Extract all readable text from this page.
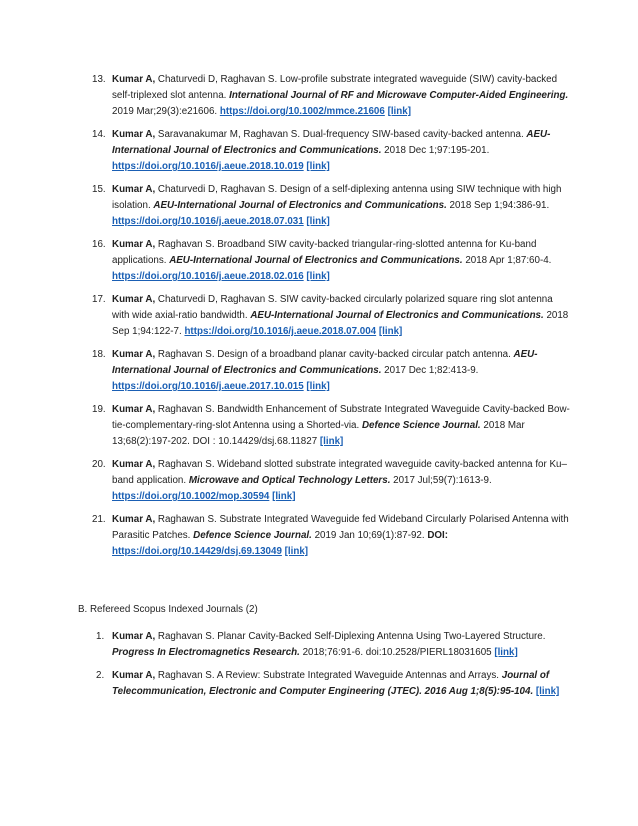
13. Kumar A, Chaturvedi D, Raghavan S. Low-profile substrate integrated waveguide (SIW) cavity-backed self-triplexed slot antenna. International Journal of RF and Microwave Computer-Aided Engineering. 2019 Mar;29(3):e21606. https://doi.org/10.1002/mmce.21606 [link]
14. Kumar A, Saravanakumar M, Raghavan S. Dual-frequency SIW-based cavity-backed antenna. AEU-International Journal of Electronics and Communications. 2018 Dec 1;97:195-201. https://doi.org/10.1016/j.aeue.2018.10.019 [link]
15. Kumar A, Chaturvedi D, Raghavan S. Design of a self-diplexing antenna using SIW technique with high isolation. AEU-International Journal of Electronics and Communications. 2018 Sep 1;94:386-91. https://doi.org/10.1016/j.aeue.2018.07.031 [link]
16. Kumar A, Raghavan S. Broadband SIW cavity-backed triangular-ring-slotted antenna for Ku-band applications. AEU-International Journal of Electronics and Communications. 2018 Apr 1;87:60-4. https://doi.org/10.1016/j.aeue.2018.02.016 [link]
17. Kumar A, Chaturvedi D, Raghavan S. SIW cavity-backed circularly polarized square ring slot antenna with wide axial-ratio bandwidth. AEU-International Journal of Electronics and Communications. 2018 Sep 1;94:122-7. https://doi.org/10.1016/j.aeue.2018.07.004 [link]
18. Kumar A, Raghavan S. Design of a broadband planar cavity-backed circular patch antenna. AEU-International Journal of Electronics and Communications. 2017 Dec 1;82:413-9. https://doi.org/10.1016/j.aeue.2017.10.015 [link]
19. Kumar A, Raghavan S. Bandwidth Enhancement of Substrate Integrated Waveguide Cavity-backed Bow-tie-complementary-ring-slot Antenna using a Shorted-via. Defence Science Journal. 2018 Mar 13;68(2):197-202. DOI : 10.14429/dsj.68.11827 [link]
20. Kumar A, Raghavan S. Wideband slotted substrate integrated waveguide cavity-backed antenna for Ku–band application. Microwave and Optical Technology Letters. 2017 Jul;59(7):1613-9. https://doi.org/10.1002/mop.30594 [link]
21. Kumar A, Raghawan S. Substrate Integrated Waveguide fed Wideband Circularly Polarised Antenna with Parasitic Patches. Defence Science Journal. 2019 Jan 10;69(1):87-92. DOI: https://doi.org/10.14429/dsj.69.13049 [link]
B. Refereed Scopus Indexed Journals (2)
1. Kumar A, Raghavan S. Planar Cavity-Backed Self-Diplexing Antenna Using Two-Layered Structure. Progress In Electromagnetics Research. 2018;76:91-6. doi:10.2528/PIERL18031605 [link]
2. Kumar A, Raghavan S. A Review: Substrate Integrated Waveguide Antennas and Arrays. Journal of Telecommunication, Electronic and Computer Engineering (JTEC). 2016 Aug 1;8(5):95-104. [link]
